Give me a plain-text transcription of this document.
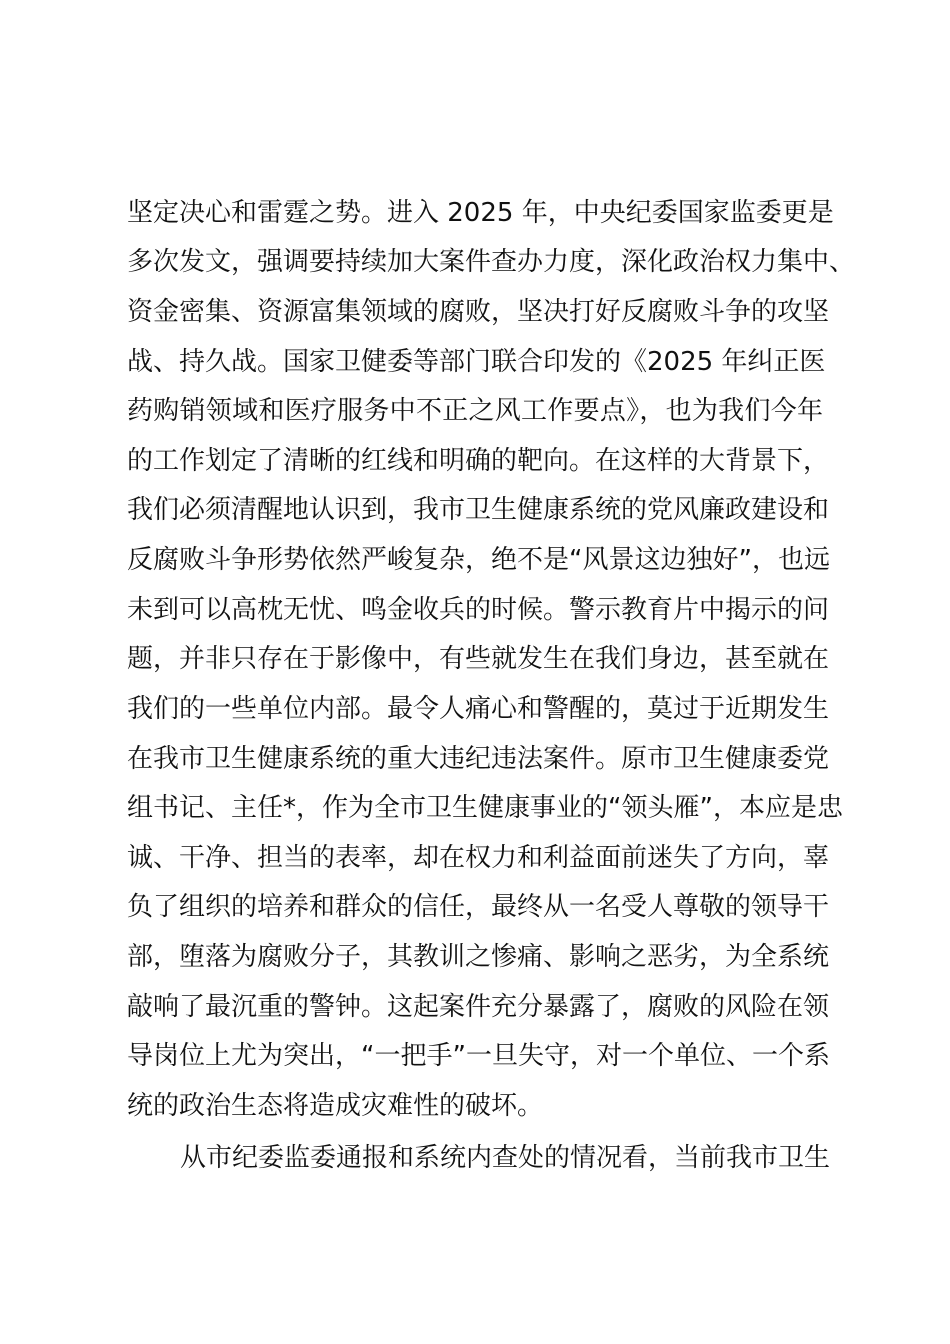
坚定决心和雷霆之势。进入 2025 年，中央纪委国家监委更是
多次发文，强调要持续加大案件查办力度，深化政治权力集中、
资金密集、资源富集领域的腐败，坚决打好反腐败斗争的攻坚
战、持久战。国家卫健委等部门联合印发的《2025 年纠正医
药购销领域和医疗服务中不正之风工作要点》，也为我们今年
的工作划定了清晰的红线和明确的靶向。在这样的大背景下，
我们必须清醒地认识到，我市卫生健康系统的党风廉政建设和
反腐败斗争形势依然严峻复杂，绝不是“风景这边独好”，也远
未到可以高枕无忧、鸣金收兵的时候。警示教育片中揭示的问
题，并非只存在于影像中，有些就发生在我们身边，甚至就在
我们的一些单位内部。最令人痛心和警醒的，莫过于近期发生
在我市卫生健康系统的重大违纪违法案件。原市卫生健康委党
组书记、主任*，作为全市卫生健康事业的“领头雁”，本应是忠
诚、干净、担当的表率，却在权力和利益面前迷失了方向，辜
负了组织的培养和群众的信任，最终从一名受人尊敬的领导干
部，堕落为腐败分子，其教训之惨痛、影响之恶劣，为全系统
敲响了最沉重的警钟。这起案件充分暴露了，腐败的风险在领
导岗位上尤为突出，“一把手”一旦失守，对一个单位、一个系
统的政治生态将造成灾难性的破坏。
从市纪委监委通报和系统内查处的情况看，当前我市卫生
